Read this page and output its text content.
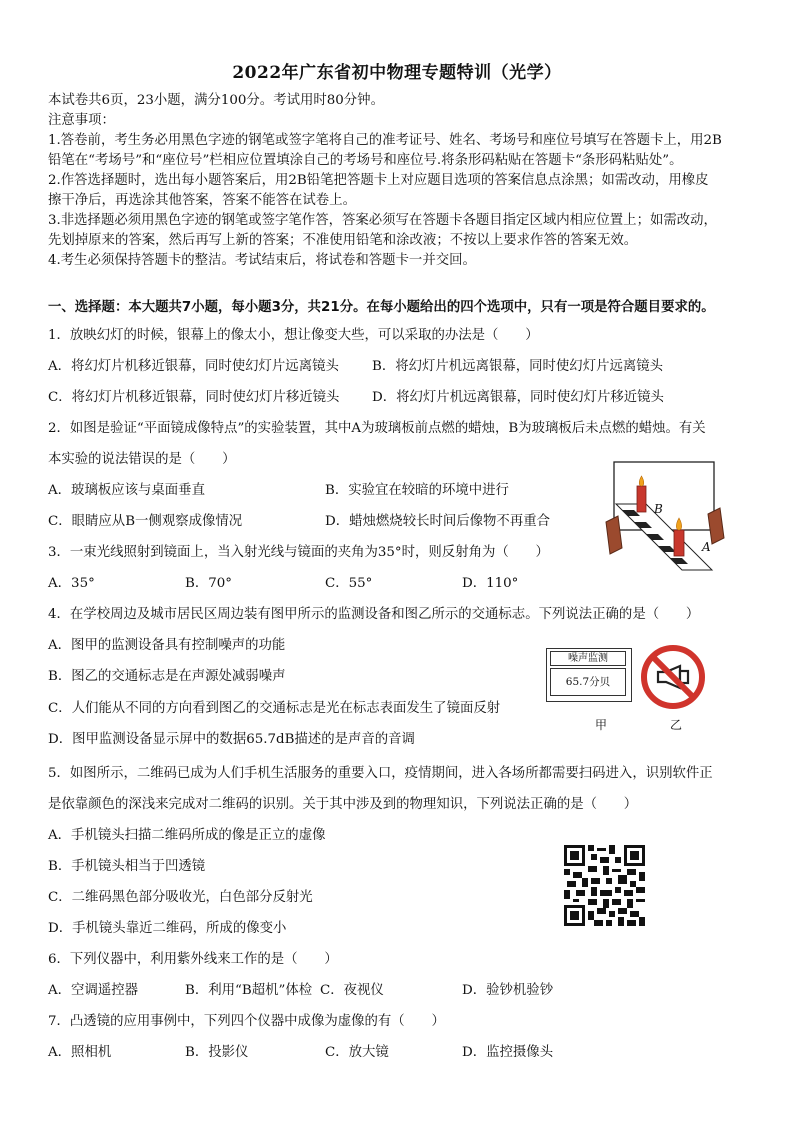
2022年广东省初中物理专题特训（光学）
本试卷共6页，23小题，满分100分。考试用时80分钟。
注意事项：
1.答卷前，考生务必用黑色字迹的钢笔或签字笔将自己的准考证号、姓名、考场号和座位号填写在答题卡上，用2B
铅笔在“考场号”和“座位号”栏相应位置填涂自己的考场号和座位号.将条形码粘贴在答题卡“条形码粘贴处”。
2.作答选择题时，选出每小题答案后，用2B铅笔把答题卡上对应题目选项的答案信息点涂黑；如需改动，用橡皮
擦干净后，再选涂其他答案，答案不能答在试卷上。
3.非选择题必须用黑色字迹的钢笔或签字笔作答，答案必须写在答题卡各题目指定区域内相应位置上；如需改动，
先划掉原来的答案，然后再写上新的答案；不准使用铅笔和涂改液；不按以上要求作答的答案无效。
4.考生必须保持答题卡的整洁。考试结束后，将试卷和答题卡一并交回。
一、选择题：本大题共7小题，每小题3分，共21分。在每小题给出的四个选项中，只有一项是符合题目要求的。
1．放映幻灯的时候，银幕上的像太小，想让像变大些，可以采取的办法是（　　）
A．将幻灯片机移近银幕，同时使幻灯片远离镜头 B．将幻灯片机远离银幕，同时使幻灯片远离镜头
C．将幻灯片机移近银幕，同时使幻灯片移近镜头 D．将幻灯片机远离银幕，同时使幻灯片移近镜头
2．如图是验证“平面镜成像特点”的实验装置，其中A为玻璃板前点燃的蜡烛，B为玻璃板后未点燃的蜡烛。有关
本实验的说法错误的是（　　）
A．玻璃板应该与桌面垂直	B．实验宜在较暗的环境中进行
C．眼睛应从B一侧观察成像情况	D．蜡烛燃烧较长时间后像物不再重合
B
A
3．一束光线照射到镜面上，当入射光线与镜面的夹角为35°时，则反射角为（　　）
A．35°	B．70°	C．55°	D．110°
4．在学校周边及城市居民区周边装有图甲所示的监测设备和图乙所示的交通标志。下列说法正确的是（　　）
A．图甲的监测设备具有控制噪声的功能
B．图乙的交通标志是在声源处减弱噪声
C．人们能从不同的方向看到图乙的交通标志是光在标志表面发生了镜面反射
D．图甲监测设备显示屏中的数据65.7dB描述的是声音的音调
噪声监测
65.7分贝
甲	乙
5．如图所示，二维码已成为人们手机生活服务的重要入口，疫情期间，进入各场所都需要扫码进入，识别软件正
是依靠颜色的深浅来完成对二维码的识别。关于其中涉及到的物理知识，下列说法正确的是（　　）
A．手机镜头扫描二维码所成的像是正立的虚像
B．手机镜头相当于凹透镜
C．二维码黑色部分吸收光，白色部分反射光
D．手机镜头靠近二维码，所成的像变小
6．下列仪器中，利用紫外线来工作的是（　　）
A．空调遥控器	B．利用“B超机”体检 C．夜视仪	D．验钞机验钞
7．凸透镜的应用事例中，下列四个仪器中成像为虚像的有（　　）
A．照相机	B．投影仪	C．放大镜	D．监控摄像头
